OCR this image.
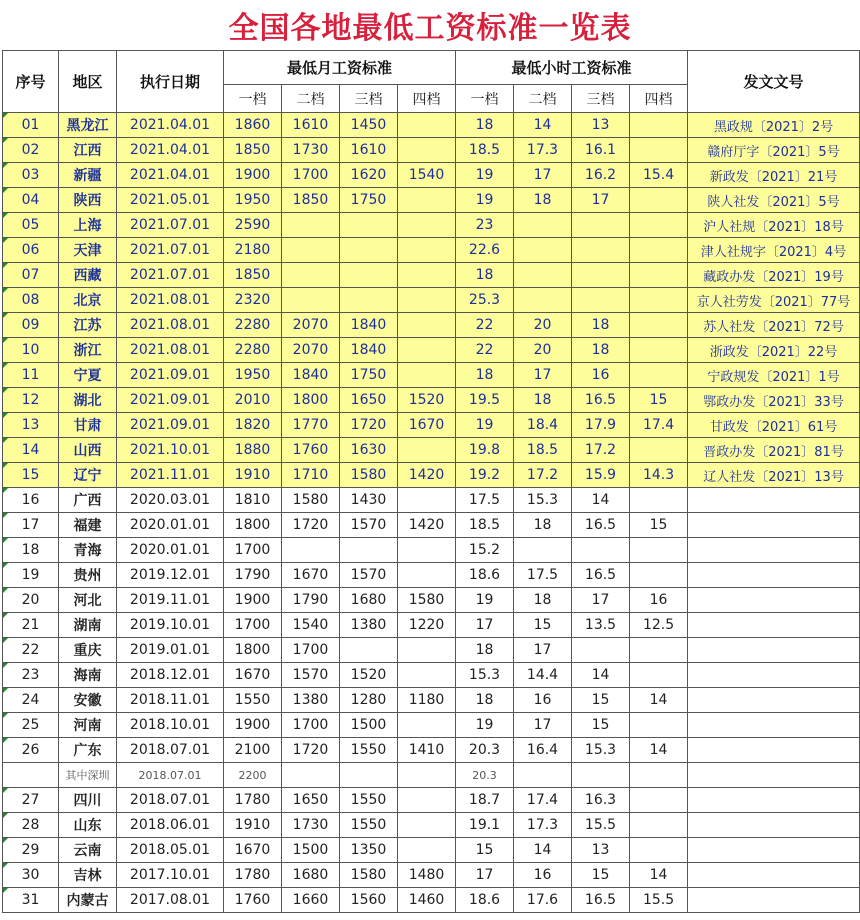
全国各地最低工资标准一览表
序号	地区	执行日期	最低月工资标准				最低小时工资标准				发文文号
			一档	二档	三档	四档	一档	二档	三档	四档	
01	黑龙江	2021.04.01	1860	1610	1450		18	14	13		黑政规〔2021〕2号
02	江西	2021.04.01	1850	1730	1610		18.5	17.3	16.1		赣府厅字〔2021〕5号
03	新疆	2021.04.01	1900	1700	1620	1540	19	17	16.2	15.4	新政发〔2021〕21号
04	陕西	2021.05.01	1950	1850	1750		19	18	17		陕人社发〔2021〕5号
05	上海	2021.07.01	2590				23				沪人社规〔2021〕18号
06	天津	2021.07.01	2180				22.6				津人社规字〔2021〕4号
07	西藏	2021.07.01	1850				18				藏政办发〔2021〕19号
08	北京	2021.08.01	2320				25.3				京人社劳发〔2021〕77号
09	江苏	2021.08.01	2280	2070	1840		22	20	18		苏人社发〔2021〕72号
10	浙江	2021.08.01	2280	2070	1840		22	20	18		浙政发〔2021〕22号
11	宁夏	2021.09.01	1950	1840	1750		18	17	16		宁政规发〔2021〕1号
12	湖北	2021.09.01	2010	1800	1650	1520	19.5	18	16.5	15	鄂政办发〔2021〕33号
13	甘肃	2021.09.01	1820	1770	1720	1670	19	18.4	17.9	17.4	甘政发〔2021〕61号
14	山西	2021.10.01	1880	1760	1630		19.8	18.5	17.2		晋政办发〔2021〕81号
15	辽宁	2021.11.01	1910	1710	1580	1420	19.2	17.2	15.9	14.3	辽人社发〔2021〕13号
16	广西	2020.03.01	1810	1580	1430		17.5	15.3	14		
17	福建	2020.01.01	1800	1720	1570	1420	18.5	18	16.5	15	
18	青海	2020.01.01	1700				15.2				
19	贵州	2019.12.01	1790	1670	1570		18.6	17.5	16.5		
20	河北	2019.11.01	1900	1790	1680	1580	19	18	17	16	
21	湖南	2019.10.01	1700	1540	1380	1220	17	15	13.5	12.5	
22	重庆	2019.01.01	1800	1700			18	17			
23	海南	2018.12.01	1670	1570	1520		15.3	14.4	14		
24	安徽	2018.11.01	1550	1380	1280	1180	18	16	15	14	
25	河南	2018.10.01	1900	1700	1500		19	17	15		
26	广东	2018.07.01	2100	1720	1550	1410	20.3	16.4	15.3	14	
	其中深圳	2018.07.01	2200				20.3				
27	四川	2018.07.01	1780	1650	1550		18.7	17.4	16.3		
28	山东	2018.06.01	1910	1730	1550		19.1	17.3	15.5		
29	云南	2018.05.01	1670	1500	1350		15	14	13		
30	吉林	2017.10.01	1780	1680	1580	1480	17	16	15	14	
31	内蒙古	2017.08.01	1760	1660	1560	1460	18.6	17.6	16.5	15.5	
